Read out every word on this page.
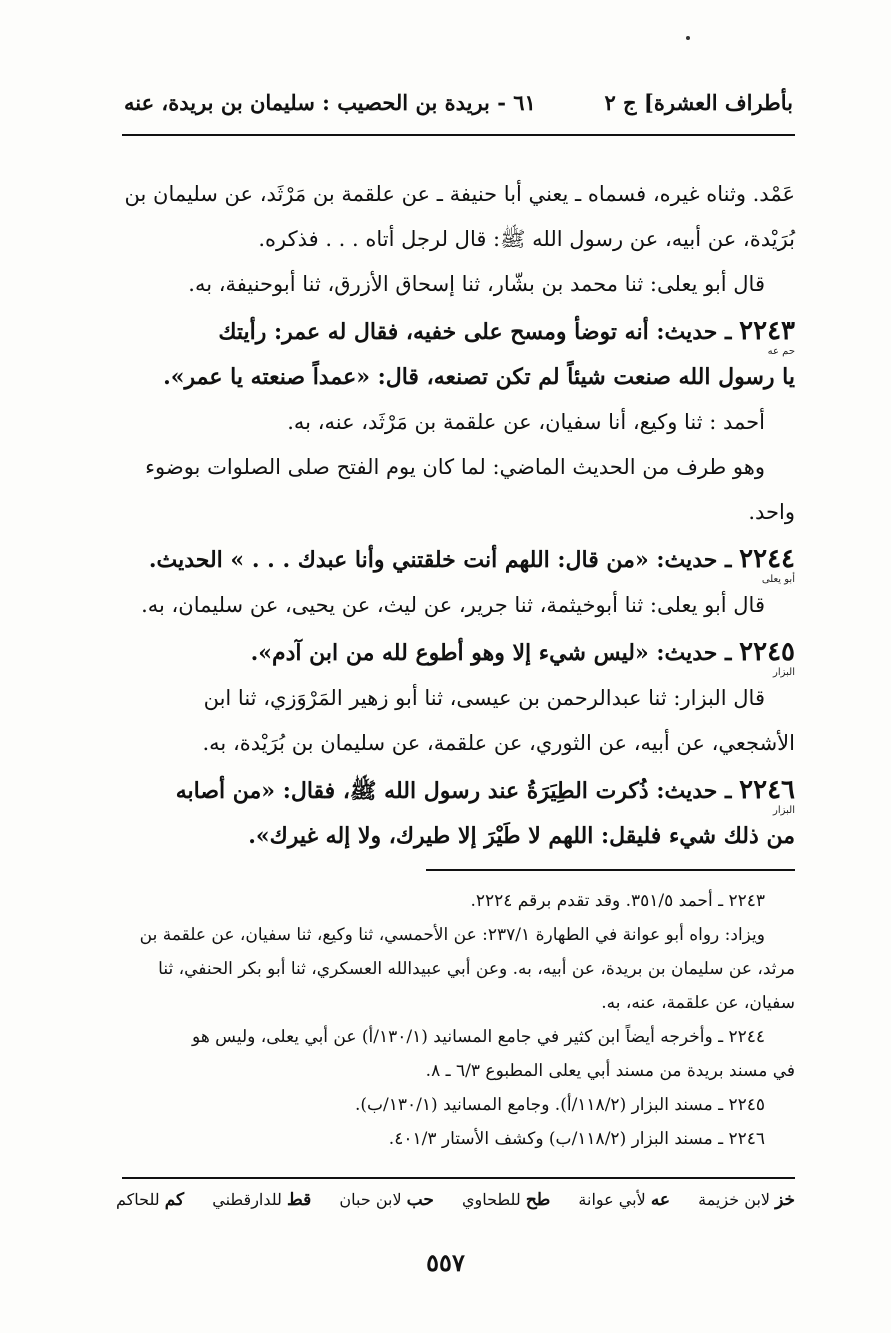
بأطراف العشرة] ج ٢
٦١ - بريدة بن الحصيب : سليمان بن بريدة، عنه

عَمْد. وثناه غيره، فسماه ـ يعني أبا حنيفة ـ عن علقمة بن مَرْثَد، عن سليمان بن
بُرَيْدة، عن أبيه، عن رسول الله ﷺ: قال لرجل أتاه . . . فذكره.

قال أبو يعلى: ثنا محمد بن بشّار، ثنا إسحاق الأزرق، ثنا أبوحنيفة، به.

٢٢٤٣ ـ حديث: أنه توضأ ومسح على خفيه، فقال له عمر: رأيتك
حم عه
يا رسول الله صنعت شيئاً لم تكن تصنعه، قال: «عمداً صنعته يا عمر».

أحمد : ثنا وكيع، أنا سفيان، عن علقمة بن مَرْثَد، عنه، به.

وهو طرف من الحديث الماضي: لما كان يوم الفتح صلى الصلوات بوضوء
واحد.

٢٢٤٤ ـ حديث: «من قال: اللهم أنت خلقتني وأنا عبدك . . . » الحديث.
أبو يعلى

قال أبو يعلى: ثنا أبوخيثمة، ثنا جرير، عن ليث، عن يحيى، عن سليمان، به.

٢٢٤٥ ـ حديث: «ليس شيء إلا وهو أطوع لله من ابن آدم».
البزار

قال البزار: ثنا عبدالرحمن بن عيسى، ثنا أبو زهير المَرْوَزي، ثنا ابن
الأشجعي، عن أبيه، عن الثوري، عن علقمة، عن سليمان بن بُرَيْدة، به.

٢٢٤٦ ـ حديث: ذُكرت الطِيَرَةُ عند رسول الله ﷺ، فقال: «من أصابه
البزار
من ذلك شيء فليقل: اللهم لا طَيْرَ إلا طيرك، ولا إله غيرك».

٢٢٤٣ ـ أحمد ٣٥١/٥. وقد تقدم برقم ٢٢٢٤.

ويزاد: رواه أبو عوانة في الطهارة ٢٣٧/١: عن الأحمسي، ثنا وكيع، ثنا سفيان، عن علقمة بن
مرثد، عن سليمان بن بريدة، عن أبيه، به. وعن أبي عبيدالله العسكري، ثنا أبو بكر الحنفي، ثنا
سفيان، عن علقمة، عنه، به.

٢٢٤٤ ـ وأخرجه أيضاً ابن كثير في جامع المسانيد (١٣٠/١/أ) عن أبي يعلى، وليس هو
في مسند بريدة من مسند أبي يعلى المطبوع ٦/٣ ـ ٨.

٢٢٤٥ ـ مسند البزار (١١٨/٢/أ). وجامع المسانيد (١٣٠/١/ب).

٢٢٤٦ ـ مسند البزار (١١٨/٢/ب) وكشف الأستار ٤٠١/٣.

خز لابن خزيمة
عه لأبي عوانة
طح للطحاوي
حب لابن حبان
قط للدارقطني
كم للحاكم
٥٥٧
